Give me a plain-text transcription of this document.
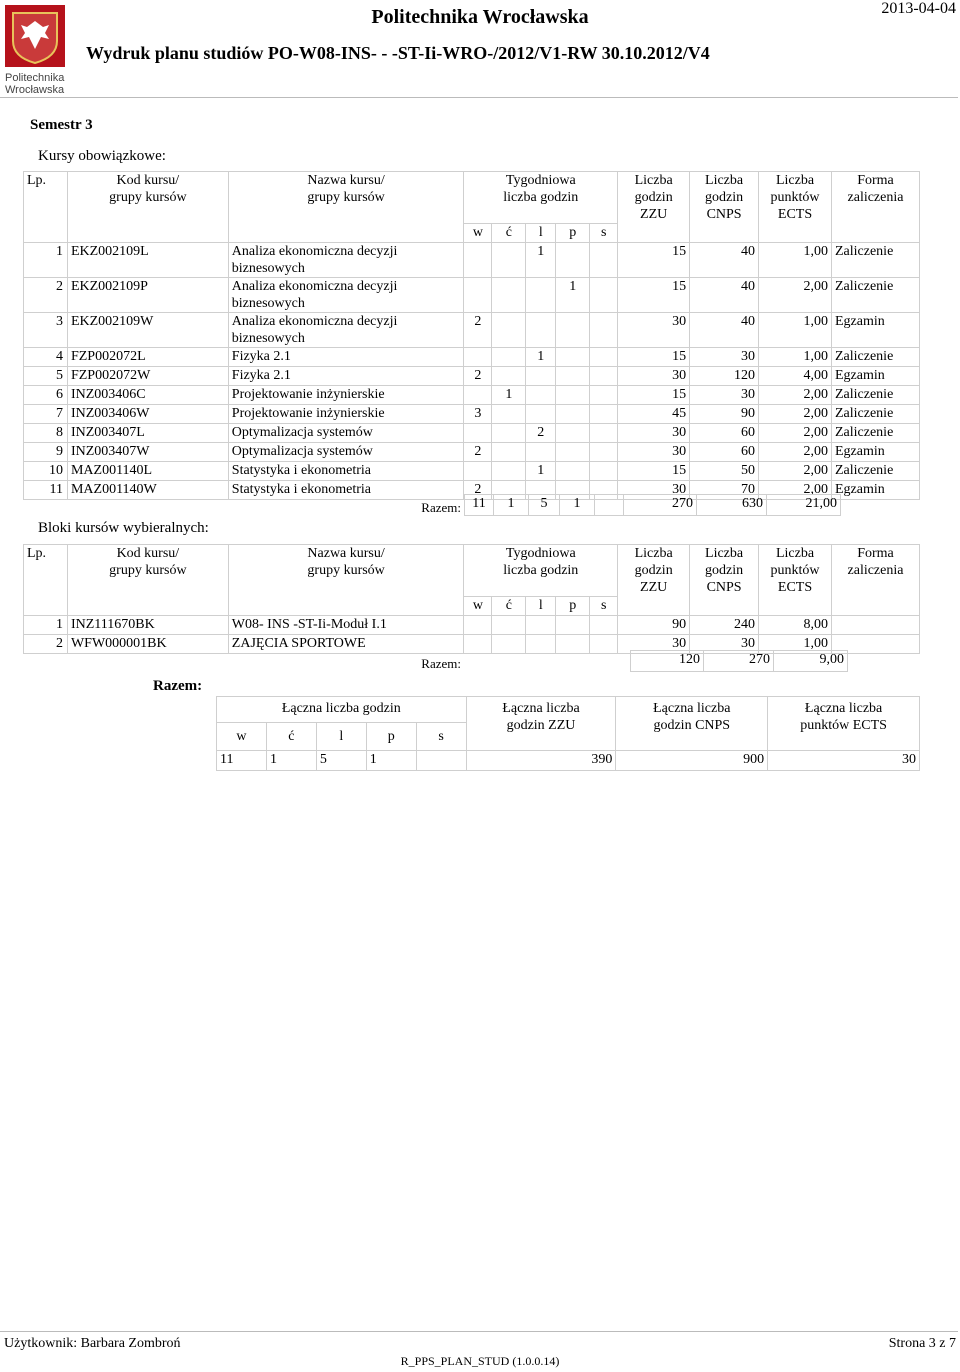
Politechnika
Wrocławska
Politechnika Wrocławska
Wydruk planu studiów PO-W08-INS- - -ST-Ii-WRO-/2012/V1-RW 30.10.2012/V4
2013-04-04
Semestr 3
Kursy obowiązkowe:
Lp.	Kod kursu/
grupy kursów	Nazwa kursu/
grupy kursów	Tygodniowa
liczba godzin					Liczba
godzin
ZZU	Liczba
godzin
CNPS	Liczba
punktów
ECTS	Forma
zaliczenia

			w	ć	l	p	s				
1	EKZ002109L	Analiza ekonomiczna decyzji
biznesowych			1			15	40	1,00	Zaliczenie
2	EKZ002109P	Analiza ekonomiczna decyzji
biznesowych				1		15	40	2,00	Zaliczenie
3	EKZ002109W	Analiza ekonomiczna decyzji
biznesowych	2					30	40	1,00	Egzamin
4	FZP002072L	Fizyka 2.1			1			15	30	1,00	Zaliczenie
5	FZP002072W	Fizyka 2.1	2					30	120	4,00	Egzamin
6	INZ003406C	Projektowanie inżynierskie		1				15	30	2,00	Zaliczenie
7	INZ003406W	Projektowanie inżynierskie	3					45	90	2,00	Zaliczenie
8	INZ003407L	Optymalizacja systemów			2			30	60	2,00	Zaliczenie
9	INZ003407W	Optymalizacja systemów	2					30	60	2,00	Egzamin
10	MAZ001140L	Statystyka i ekonometria			1			15	50	2,00	Zaliczenie
11	MAZ001140W	Statystyka i ekonometria	2					30	70	2,00	Egzamin
Razem:	11	1	5	1		270	630	21,00
Bloki kursów wybieralnych:
Lp.	Kod kursu/
grupy kursów	Nazwa kursu/
grupy kursów	Tygodniowa
liczba godzin					Liczba
godzin
ZZU	Liczba
godzin
CNPS	Liczba
punktów
ECTS	Forma
zaliczenia

			w	ć	l	p	s				
1	INZ111670BK	W08- INS -ST-Ii-Moduł I.1						90	240	8,00	
2	WFW000001BK	ZAJĘCIA SPORTOWE						30	30	1,00	
Razem:		120	270	9,00
Razem:
Łączna liczba godzin					Łączna liczba
godzin ZZU	Łączna liczba
godzin CNPS	Łączna liczba
punktów ECTS

w	ć	l	p	s			
11	1	5	1		390	900	30
Użytkownik: Barbara Zombroń	Strona 3 z 7
R_PPS_PLAN_STUD (1.0.0.14)
